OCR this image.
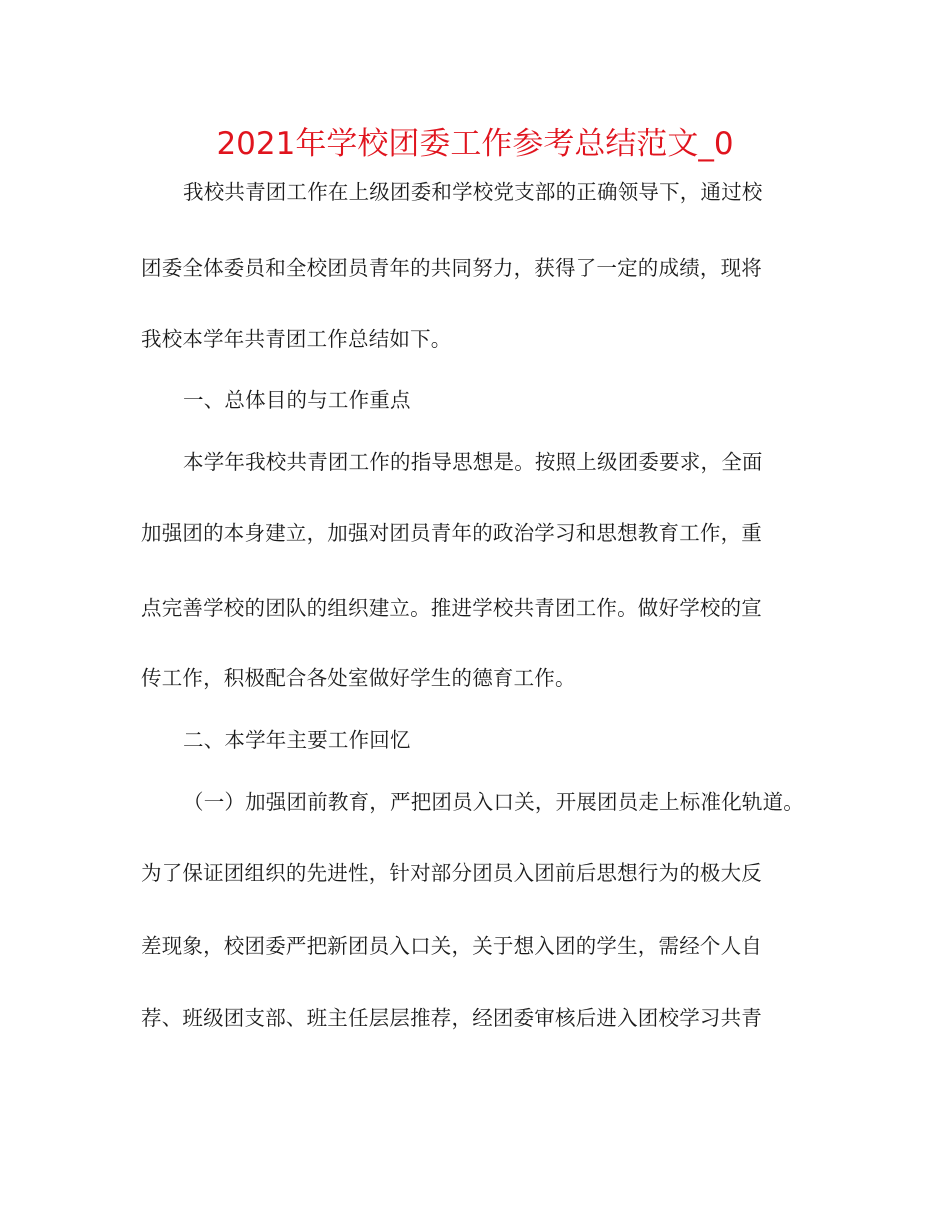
2021年学校团委工作参考总结范文_0
我校共青团工作在上级团委和学校党支部的正确领导下，通过校
团委全体委员和全校团员青年的共同努力，获得了一定的成绩，现将
我校本学年共青团工作总结如下。
一、总体目的与工作重点
本学年我校共青团工作的指导思想是。按照上级团委要求，全面
加强团的本身建立，加强对团员青年的政治学习和思想教育工作，重
点完善学校的团队的组织建立。推进学校共青团工作。做好学校的宣
传工作，积极配合各处室做好学生的德育工作。
二、本学年主要工作回忆
（一）加强团前教育，严把团员入口关，开展团员走上标准化轨道。
为了保证团组织的先进性，针对部分团员入团前后思想行为的极大反
差现象，校团委严把新团员入口关，关于想入团的学生，需经个人自
荐、班级团支部、班主任层层推荐，经团委审核后进入团校学习共青
